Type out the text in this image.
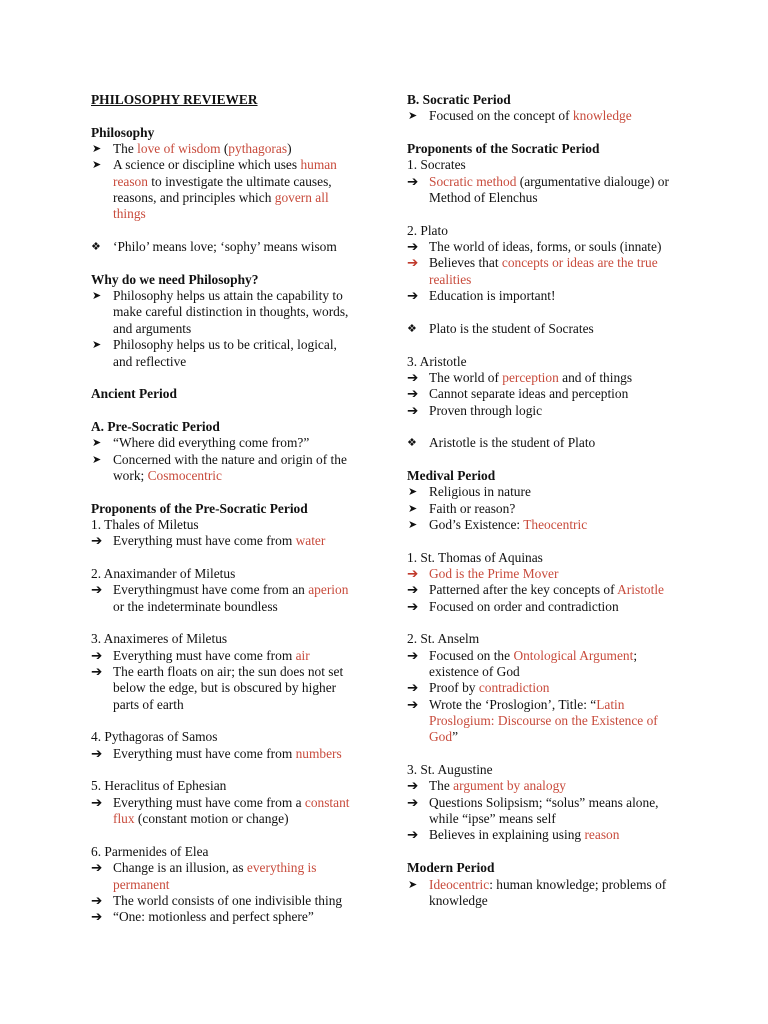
PHILOSOPHY REVIEWER
Philosophy
➤ The love of wisdom (pythagoras)
➤ A science or discipline which uses human
reason to investigate the ultimate causes,
reasons, and principles which govern all
things
❖ ‘Philo’ means love; ‘sophy’ means wisom
Why do we need Philosophy?
➤ Philosophy helps us attain the capability to
make careful distinction in thoughts, words,
and arguments
➤ Philosophy helps us to be critical, logical,
and reflective
Ancient Period
A. Pre-Socratic Period
➤ “Where did everything come from?”
➤ Concerned with the nature and origin of the
work; Cosmocentric
Proponents of the Pre-Socratic Period
1. Thales of Miletus
➔ Everything must have come from water
2. Anaximander of Miletus
➔ Everythingmust have come from an aperion
or the indeterminate boundless
3. Anaximeres of Miletus
➔ Everything must have come from air
➔ The earth floats on air; the sun does not set
below the edge, but is obscured by higher
parts of earth
4. Pythagoras of Samos
➔ Everything must have come from numbers
5. Heraclitus of Ephesian
➔ Everything must have come from a constant
flux (constant motion or change)
6. Parmenides of Elea
➔ Change is an illusion, as everything is
permanent
➔ The world consists of one indivisible thing
➔ “One: motionless and perfect sphere”
B. Socratic Period
➤ Focused on the concept of knowledge
Proponents of the Socratic Period
1. Socrates
➔ Socratic method (argumentative dialouge) or
Method of Elenchus
2. Plato
➔ The world of ideas, forms, or souls (innate)
➔ Believes that concepts or ideas are the true
realities
➔ Education is important!
❖ Plato is the student of Socrates
3. Aristotle
➔ The world of perception and of things
➔ Cannot separate ideas and perception
➔ Proven through logic
❖ Aristotle is the student of Plato
Medival Period
➤ Religious in nature
➤ Faith or reason?
➤ God’s Existence: Theocentric
1. St. Thomas of Aquinas
➔ God is the Prime Mover
➔ Patterned after the key concepts of Aristotle
➔ Focused on order and contradiction
2. St. Anselm
➔ Focused on the Ontological Argument;
existence of God
➔ Proof by contradiction
➔ Wrote the ‘Proslogion’, Title: “Latin
Proslogium: Discourse on the Existence of
God”
3. St. Augustine
➔ The argument by analogy
➔ Questions Solipsism; “solus” means alone,
while “ipse” means self
➔ Believes in explaining using reason
Modern Period
➤ Ideocentric: human knowledge; problems of
knowledge
